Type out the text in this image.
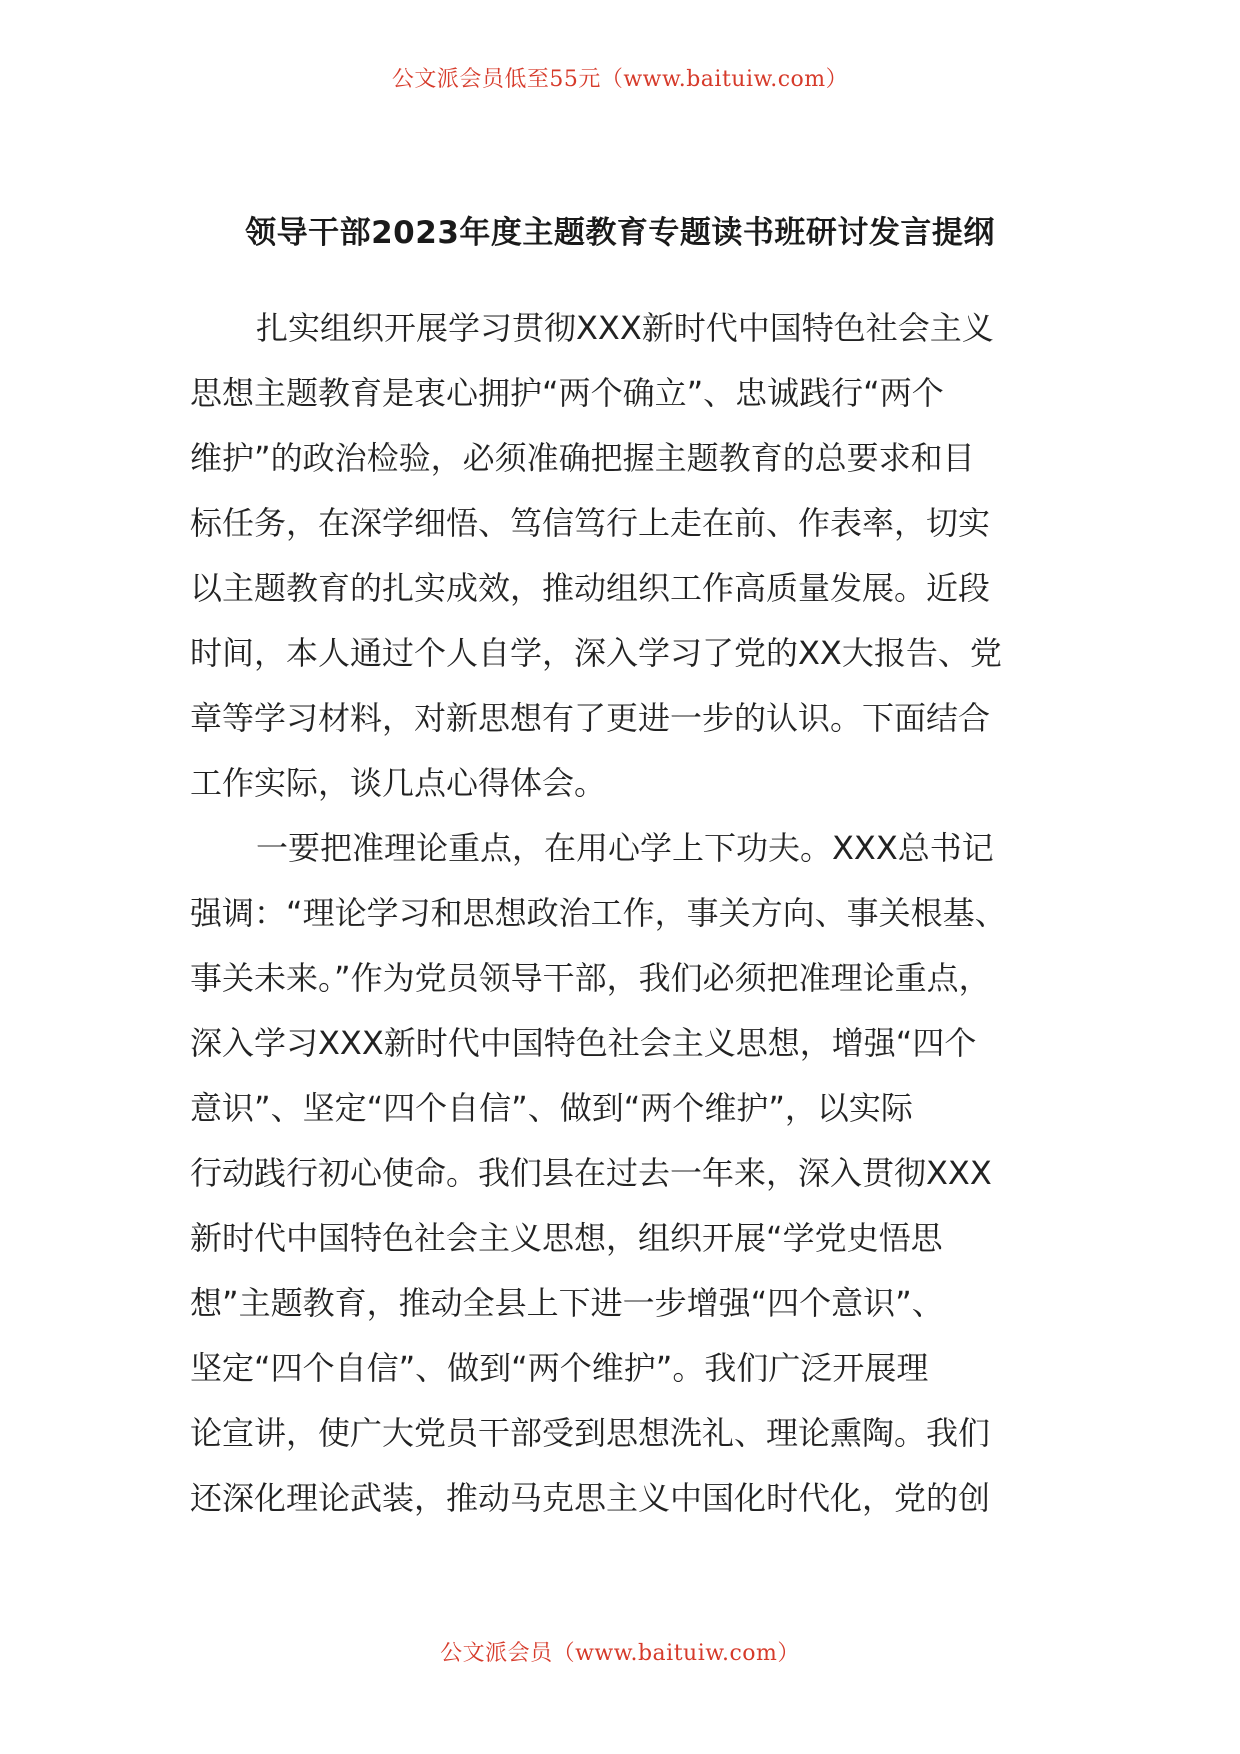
公文派会员低至55元（www.baituiw.com）
领导干部2023年度主题教育专题读书班研讨发言提纲
扎实组织开展学习贯彻XXX新时代中国特色社会主义
思想主题教育是衷心拥护“两个确立”、忠诚践行“两个
维护”的政治检验，必须准确把握主题教育的总要求和目
标任务，在深学细悟、笃信笃行上走在前、作表率，切实
以主题教育的扎实成效，推动组织工作高质量发展。近段
时间，本人通过个人自学，深入学习了党的XX大报告、党
章等学习材料，对新思想有了更进一步的认识。下面结合
工作实际，谈几点心得体会。
一要把准理论重点，在用心学上下功夫。XXX总书记
强调：“理论学习和思想政治工作，事关方向、事关根基、
事关未来。”作为党员领导干部，我们必须把准理论重点，
深入学习XXX新时代中国特色社会主义思想，增强“四个
意识”、坚定“四个自信”、做到“两个维护”，以实际
行动践行初心使命。我们县在过去一年来，深入贯彻XXX
新时代中国特色社会主义思想，组织开展“学党史悟思
想”主题教育，推动全县上下进一步增强“四个意识”、
坚定“四个自信”、做到“两个维护”。我们广泛开展理
论宣讲，使广大党员干部受到思想洗礼、理论熏陶。我们
还深化理论武装，推动马克思主义中国化时代化，党的创
公文派会员（www.baituiw.com）
